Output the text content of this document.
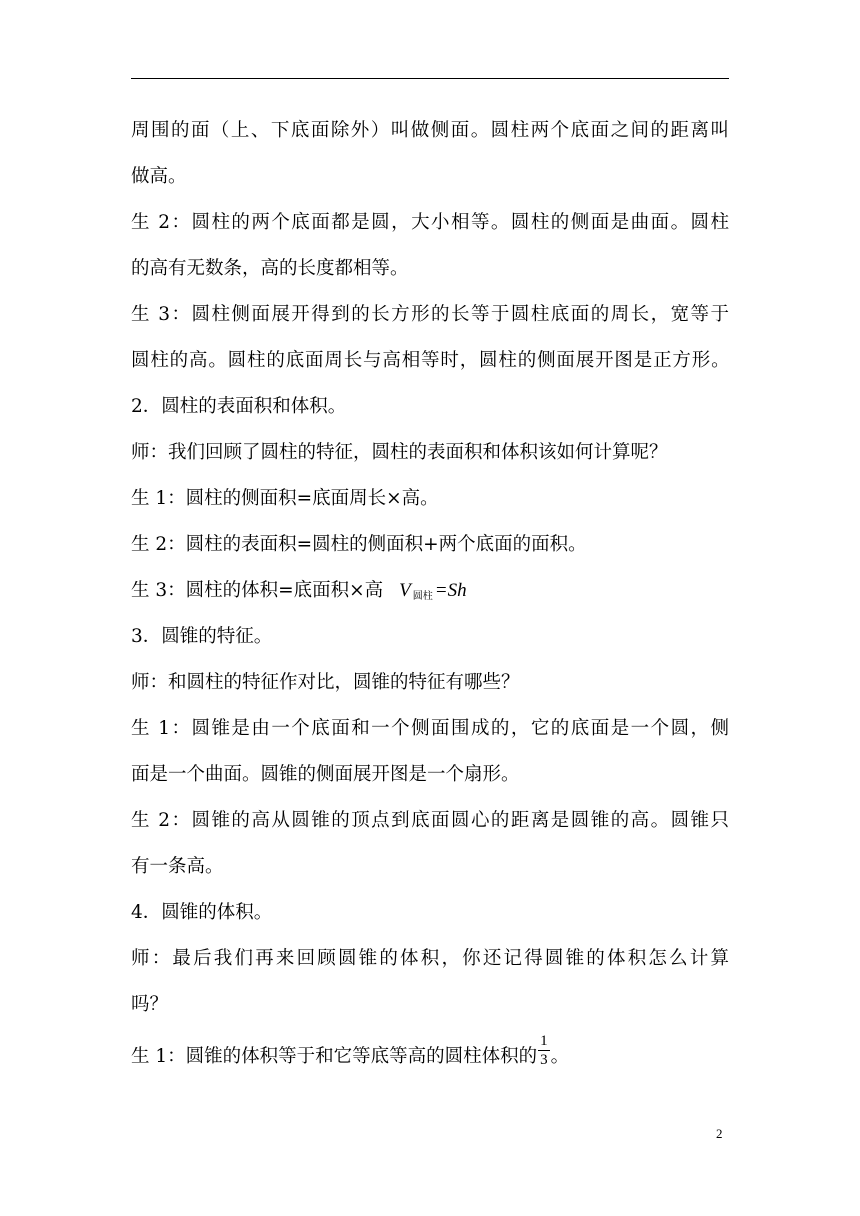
周围的面（上、下底面除外）叫做侧面。圆柱两个底面之间的距离叫
做高。
生 2：圆柱的两个底面都是圆，大小相等。圆柱的侧面是曲面。圆柱
的高有无数条，高的长度都相等。
生 3：圆柱侧面展开得到的长方形的长等于圆柱底面的周长，宽等于
圆柱的高。圆柱的底面周长与高相等时，圆柱的侧面展开图是正方形。
2．圆柱的表面积和体积。
师：我们回顾了圆柱的特征，圆柱的表面积和体积该如何计算呢？
生 1：圆柱的侧面积=底面周长×高。
生 2：圆柱的表面积=圆柱的侧面积+两个底面的面积。
生 3：圆柱的体积=底面积×高 V 圆柱 =Sh
3．圆锥的特征。
师：和圆柱的特征作对比，圆锥的特征有哪些？
生 1：圆锥是由一个底面和一个侧面围成的，它的底面是一个圆，侧
面是一个曲面。圆锥的侧面展开图是一个扇形。
生 2：圆锥的高从圆锥的顶点到底面圆心的距离是圆锥的高。圆锥只
有一条高。
4．圆锥的体积。
师：最后我们再来回顾圆锥的体积，你还记得圆锥的体积怎么计算
吗？
生 1：圆锥的体积等于和它等底等高的圆柱体积的 $\frac{1}{3}$ 。
2
